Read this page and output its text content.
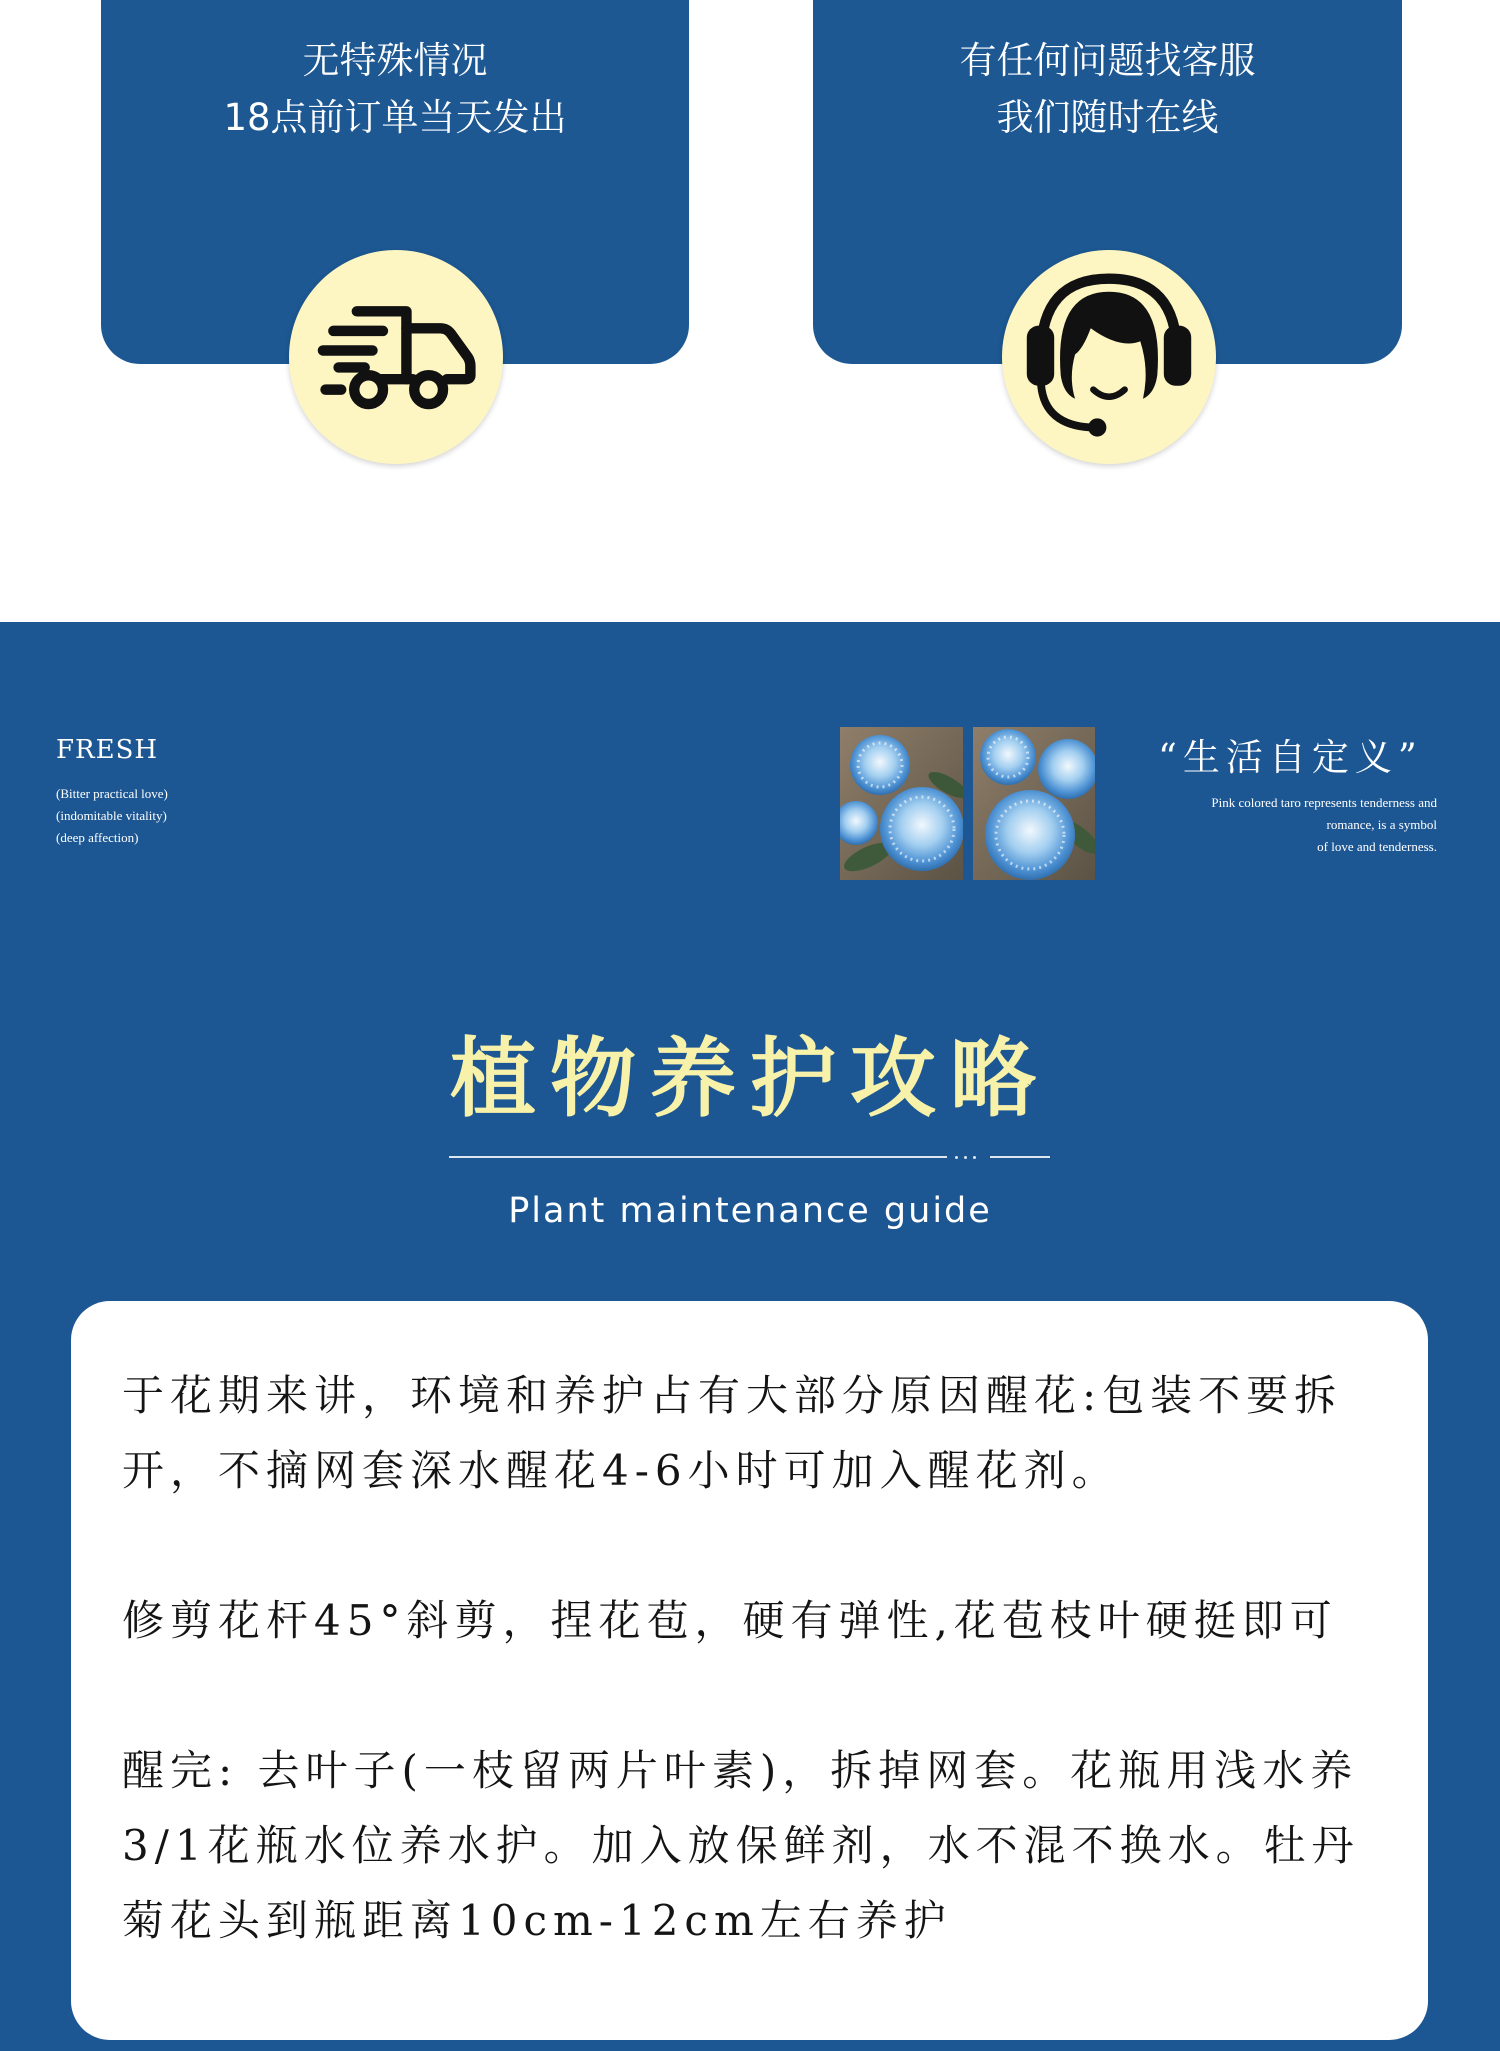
无特殊情况
18点前订单当天发出
有任何问题找客服
我们随时在线
FRESH
(Bitter practical love)
(indomitable vitality)
(deep affection)
“生活自定义”
Pink colored taro represents tenderness and
romance, is a symbol
of love and tenderness.
植物养护攻略
Plant maintenance guide

于花期来讲，环境和养护占有大部分原因醒花:包装不要拆开，不摘网套深水醒花4-6小时可加入醒花剂。

修剪花杆45°斜剪，捏花苞，硬有弹性,花苞枝叶硬挺即可

醒完: 去叶子(一枝留两片叶素)，拆掉网套。花瓶用浅水养3/1花瓶水位养水护。加入放保鲜剂，水不混不换水。牡丹菊花头到瓶距离10cm-12cm左右养护
